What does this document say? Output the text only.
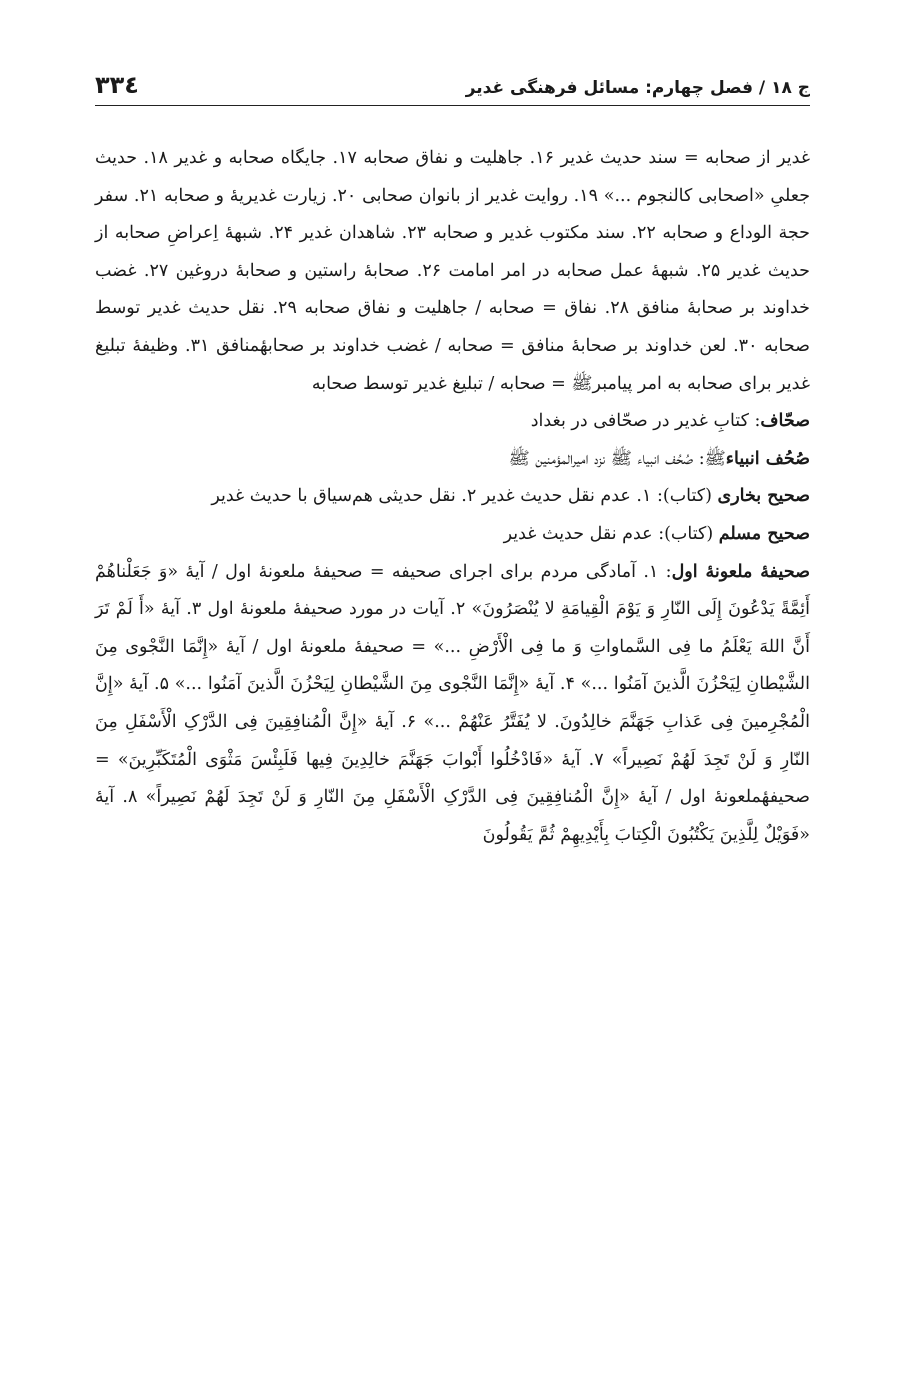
ج ۱۸ / فصل چهارم: مسائل فرهنگی غدیر
۳۳٤

غدیر از صحابه = سند حدیث غدیر ۱۶. جاهلیت و نفاق صحابه ۱۷. جایگاه صحابه و غدیر ۱۸. حدیث جعلیِ «اصحابی کالنجوم ...» ۱۹. روایت غدیر از بانوان صحابی ۲۰. زیارت غدیریهٔ و صحابه ۲۱. سفر حجة الوداع و صحابه ۲۲. سند مکتوب غدیر و صحابه ۲۳. شاهدان غدیر ۲۴. شبههٔ اِعراضِ صحابه از حدیث غدیر ۲۵. شبههٔ عمل صحابه در امر امامت ۲۶. صحابهٔ راستین و صحابهٔ دروغین ۲۷. غضب خداوند بر صحابهٔ منافق ۲۸. نفاق = صحابه / جاهلیت و نفاق صحابه ۲۹. نقل حدیث غدیر توسط صحابه ۳۰. لعن خداوند بر صحابهٔ منافق = صحابه / غضب خداوند بر صحابهٔمنافق ۳۱. وظیفهٔ تبلیغ غدیر برای صحابه به امر پیامبرﷺ = صحابه / تبلیغ غدیر توسط صحابه

صحّاف: کتابِ غدیر در صحّافی در بغداد

صُحُف انبیاءﷺ: صُحُف انبیاء ﷺ نزد امیرالمؤمنین ﷺ

صحیح بخاری (کتاب): ۱. عدم نقل حدیث غدیر ۲. نقل حدیثی هم‌سیاق با حدیث غدیر

صحیح مسلم (کتاب): عدم نقل حدیث غدیر

صحیفهٔ ملعونهٔ اول: ۱. آمادگی مردم برای اجرای صحیفه = صحیفهٔ ملعونهٔ اول / آیهٔ «وَ جَعَلْناهُمْ أَئِمَّةً یَدْعُونَ إِلَی النّارِ وَ یَوْمَ الْقِیامَةِ لا یُنْصَرُونَ» ۲. آیات در مورد صحیفهٔ ملعونهٔ اول ۳. آیهٔ «أَ لَمْ تَرَ أَنَّ اللهَ یَعْلَمُ ما فِی السَّماواتِ وَ ما فِی الْأَرْضِ ...» = صحیفهٔ ملعونهٔ اول / آیهٔ «إِنَّمَا النَّجْوی مِنَ الشَّیْطانِ لِیَحْزُنَ الَّذینَ آمَنُوا ...» ۴. آیهٔ «إِنَّمَا النَّجْوی مِنَ الشَّیْطانِ لِیَحْزُنَ الَّذینَ آمَنُوا ...» ۵. آیهٔ «إِنَّ الْمُجْرِمینَ فِی عَذابِ جَهَنَّمَ خالِدُونَ. لا یُفَتَّرُ عَنْهُمْ ...» ۶. آیهٔ «إِنَّ الْمُنافِقِینَ فِی الدَّرْکِ الْأَسْفَلِ مِنَ النّارِ وَ لَنْ تَجِدَ لَهُمْ نَصِیراً» ۷. آیهٔ «فَادْخُلُوا أَبْوابَ جَهَنَّمَ خالِدِینَ فِیها فَلَبِئْسَ مَثْوَی الْمُتَکَبِّرِینَ» = صحیفهٔملعونهٔ اول / آیهٔ «إِنَّ الْمُنافِقِینَ فِی الدَّرْکِ الْأَسْفَلِ مِنَ النّارِ وَ لَنْ تَجِدَ لَهُمْ نَصِیراً» ۸. آیهٔ «فَوَیْلٌ لِلَّذِینَ یَکْتُبُونَ الْکِتابَ بِأَیْدِیهِمْ ثُمَّ یَقُولُونَ
